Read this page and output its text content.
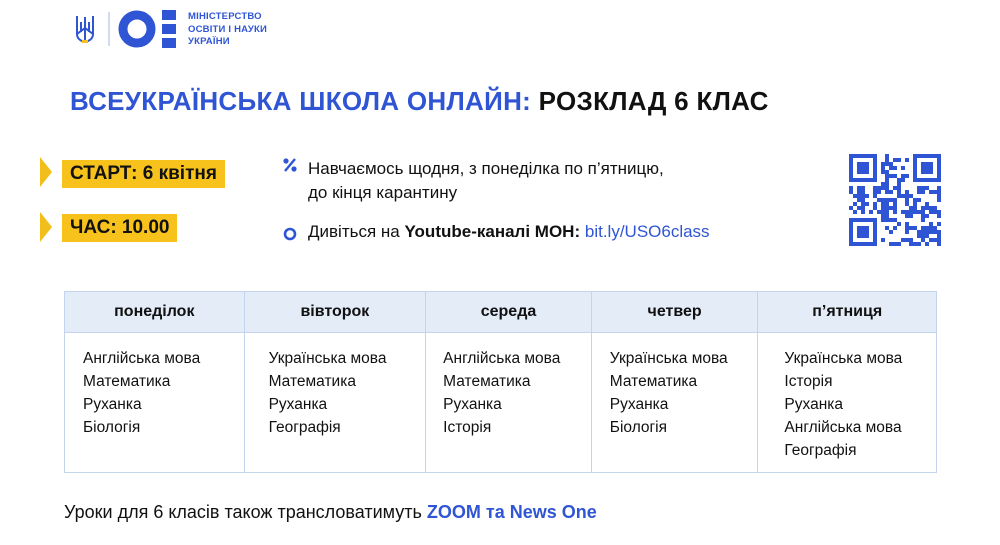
МІНІСТЕРСТВО
ОСВІТИ І НАУКИ
УКРАЇНИ
ВСЕУКРАЇНСЬКА ШКОЛА ОНЛАЙН: РОЗКЛАД 6 КЛАС
СТАРТ: 6 квітня
ЧАС: 10.00
Навчаємось щодня, з понеділка по п’ятницю,
до кінця карантину
Дивіться на Youtube-каналі МОН: bit.ly/USO6class
понеділок
Англійська мова
Математика
Руханка
Біологія
вівторок
Українська мова
Математика
Руханка
Географія
середа
Англійська мова
Математика
Руханка
Історія
четвер
Українська мова
Математика
Руханка
Біологія
п’ятниця
Українська мова
Історія
Руханка
Англійська мова
Географія
Уроки для 6 класів також трансловатимуть ZOOM та News One
